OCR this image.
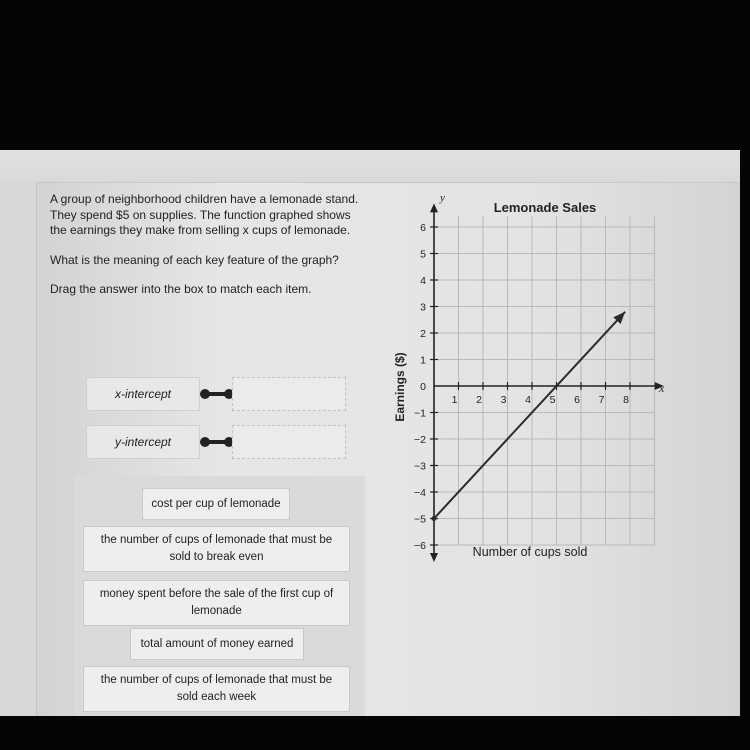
A group of neighborhood children have a lemonade stand. They spend $5 on supplies. The function graphed shows the earnings they make from selling x cups of lemonade.

What is the meaning of each key feature of the graph?

Drag the answer into the box to match each item.

x-intercept
y-intercept
cost per cup of lemonade
the number of cups of lemonade that must be sold to break even
money spent before the sale of the first cup of lemonade
total amount of money earned
the number of cups of lemonade that must be sold each week
1 2 3 4 5 6 7 8
6
5
4
3
2
1
0
−1
−2
−3
−4
−5
−6
Lemonade Sales
Number of cups sold
Earnings ($)
y
x
